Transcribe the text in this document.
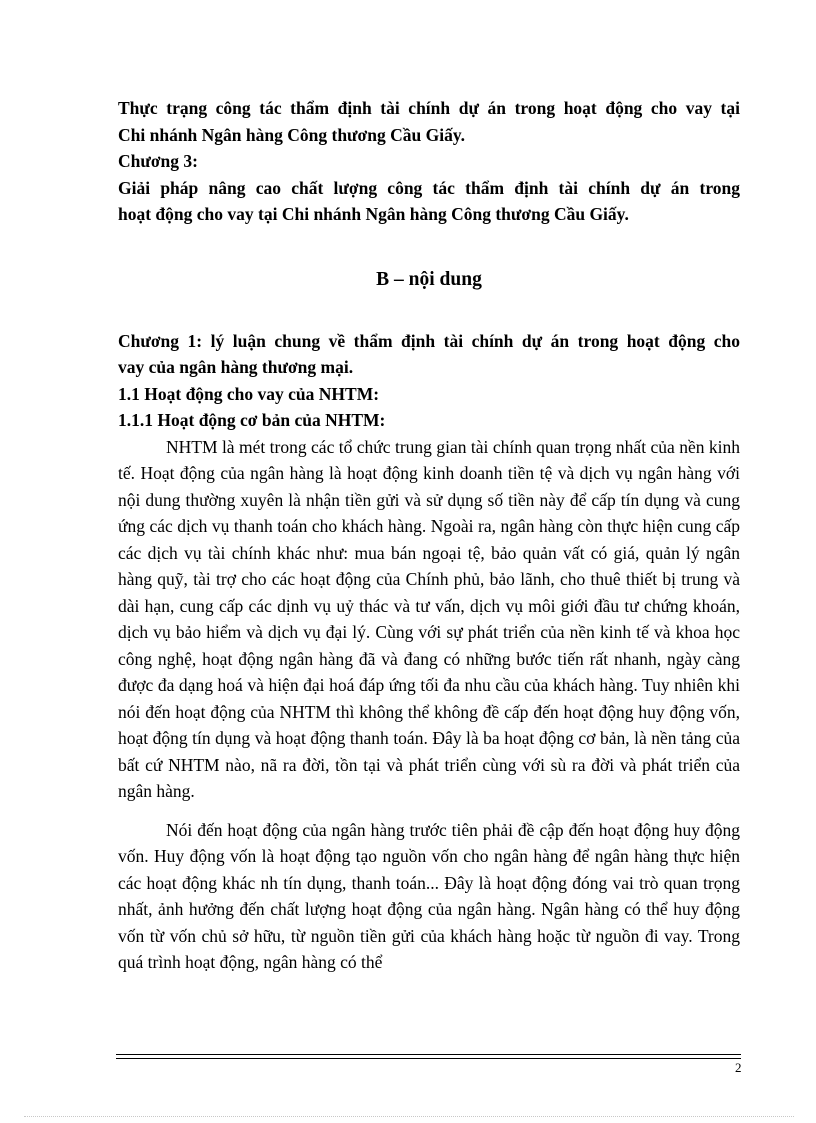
Thực trạng công tác thẩm định tài chính dự án trong hoạt động cho vay tại
Chi nhánh Ngân hàng Công thương Cầu Giấy.
Chương 3:
Giải pháp nâng cao chất lượng công tác thẩm định tài chính dự án trong
hoạt động cho vay tại Chi nhánh Ngân hàng Công thương Cầu Giấy.
B – nội dung
Chương 1: lý luận chung về thẩm định tài chính dự án trong hoạt động cho
vay của ngân hàng thương mại.
1.1 Hoạt động cho vay của NHTM:
1.1.1 Hoạt động cơ bản của NHTM:

NHTM là mét trong các tổ chức trung gian tài chính quan trọng nhất của nền kinh tế. Hoạt động của ngân hàng là hoạt động kinh doanh tiền tệ và dịch vụ ngân hàng với nội dung thường xuyên là nhận tiền gửi và sử dụng số tiền này để cấp tín dụng và cung ứng các dịch vụ thanh toán cho khách hàng. Ngoài ra, ngân hàng còn thực hiện cung cấp các dịch vụ tài chính khác như: mua bán ngoại tệ, bảo quản vất có giá, quản lý ngân hàng quỹ, tài trợ cho các hoạt động của Chính phủ, bảo lãnh, cho thuê thiết bị trung và dài hạn, cung cấp các dịnh vụ uỷ thác và tư vấn, dịch vụ môi giới đầu tư chứng khoán, dịch vụ bảo hiểm và dịch vụ đại lý. Cùng với sự phát triển của nền kinh tế và khoa học công nghệ, hoạt động ngân hàng đã và đang có những bước tiến rất nhanh, ngày càng được đa dạng hoá và hiện đại hoá đáp ứng tối đa nhu cầu của khách hàng. Tuy nhiên khi nói đến hoạt động của NHTM thì không thể không đề cấp đến hoạt động huy động vốn, hoạt động tín dụng và hoạt động thanh toán. Đây là ba hoạt động cơ bản, là nền tảng của bất cứ NHTM nào, nã ra đời, tồn tại và phát triển cùng với sù ra đời và phát triển của ngân hàng.

Nói đến hoạt động của ngân hàng trước tiên phải đề cập đến hoạt động huy động vốn. Huy động vốn là hoạt động tạo nguồn vốn cho ngân hàng để ngân hàng thực hiện các hoạt động khác nh tín dụng, thanh toán... Đây là hoạt động đóng vai trò quan trọng nhất, ảnh hưởng đến chất lượng hoạt động của ngân hàng. Ngân hàng có thể huy động vốn từ vốn chủ sở hữu, từ nguồn tiền gửi của khách hàng hoặc từ nguồn đi vay. Trong quá trình hoạt động, ngân hàng có thể

2
